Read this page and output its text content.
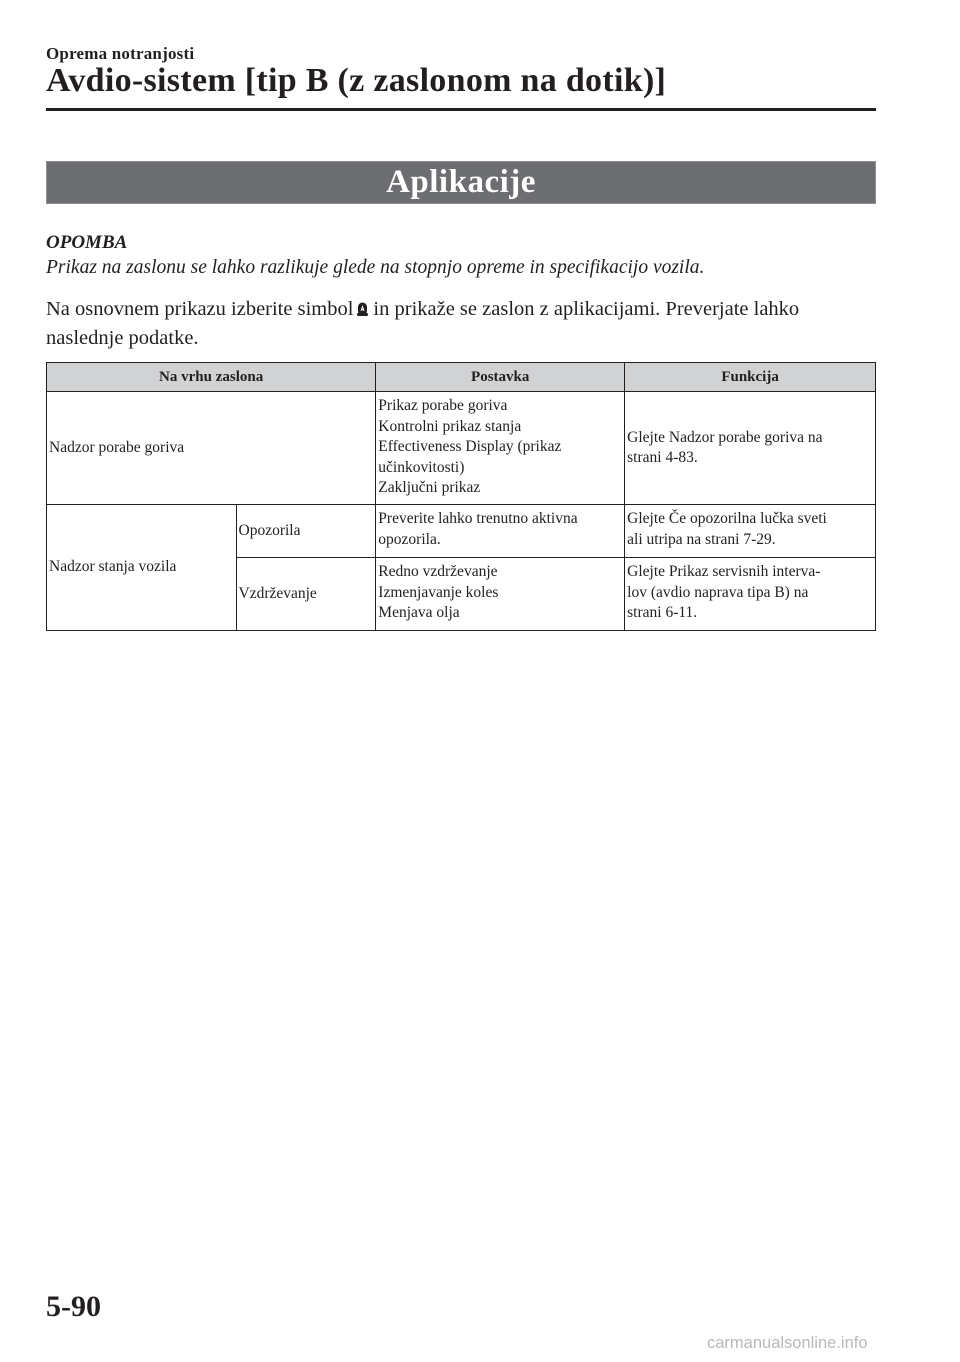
Oprema notranjosti
Avdio-sistem [tip B (z zaslonom na dotik)]
Aplikacije
OPOMBA
Prikaz na zaslonu se lahko razlikuje glede na stopnjo opreme in specifikacijo vozila.
Na osnovnem prikazu izberite simbol in prikaže se zaslon z aplikacijami. Preverjate lahko
naslednje podatke.
Na vrhu zaslona		Postavka	Funkcija
Nadzor porabe goriva		Prikaz porabe goriva
Kontrolni prikaz stanja
Effectiveness Display (prikaz
učinkovitosti)
Zaključni prikaz	Glejte Nadzor porabe goriva na
strani 4-83.

Nadzor stanja vozila	Opozorila	Preverite lahko trenutno aktivna
opozorila.	Glejte Če opozorilna lučka sveti
ali utripa na strani 7-29.

	Vzdrževanje	Redno vzdrževanje
Izmenjavanje koles
Menjava olja	Glejte Prikaz servisnih interva-
lov (avdio naprava tipa B) na
strani 6-11.
5-90
carmanualsonline.info
